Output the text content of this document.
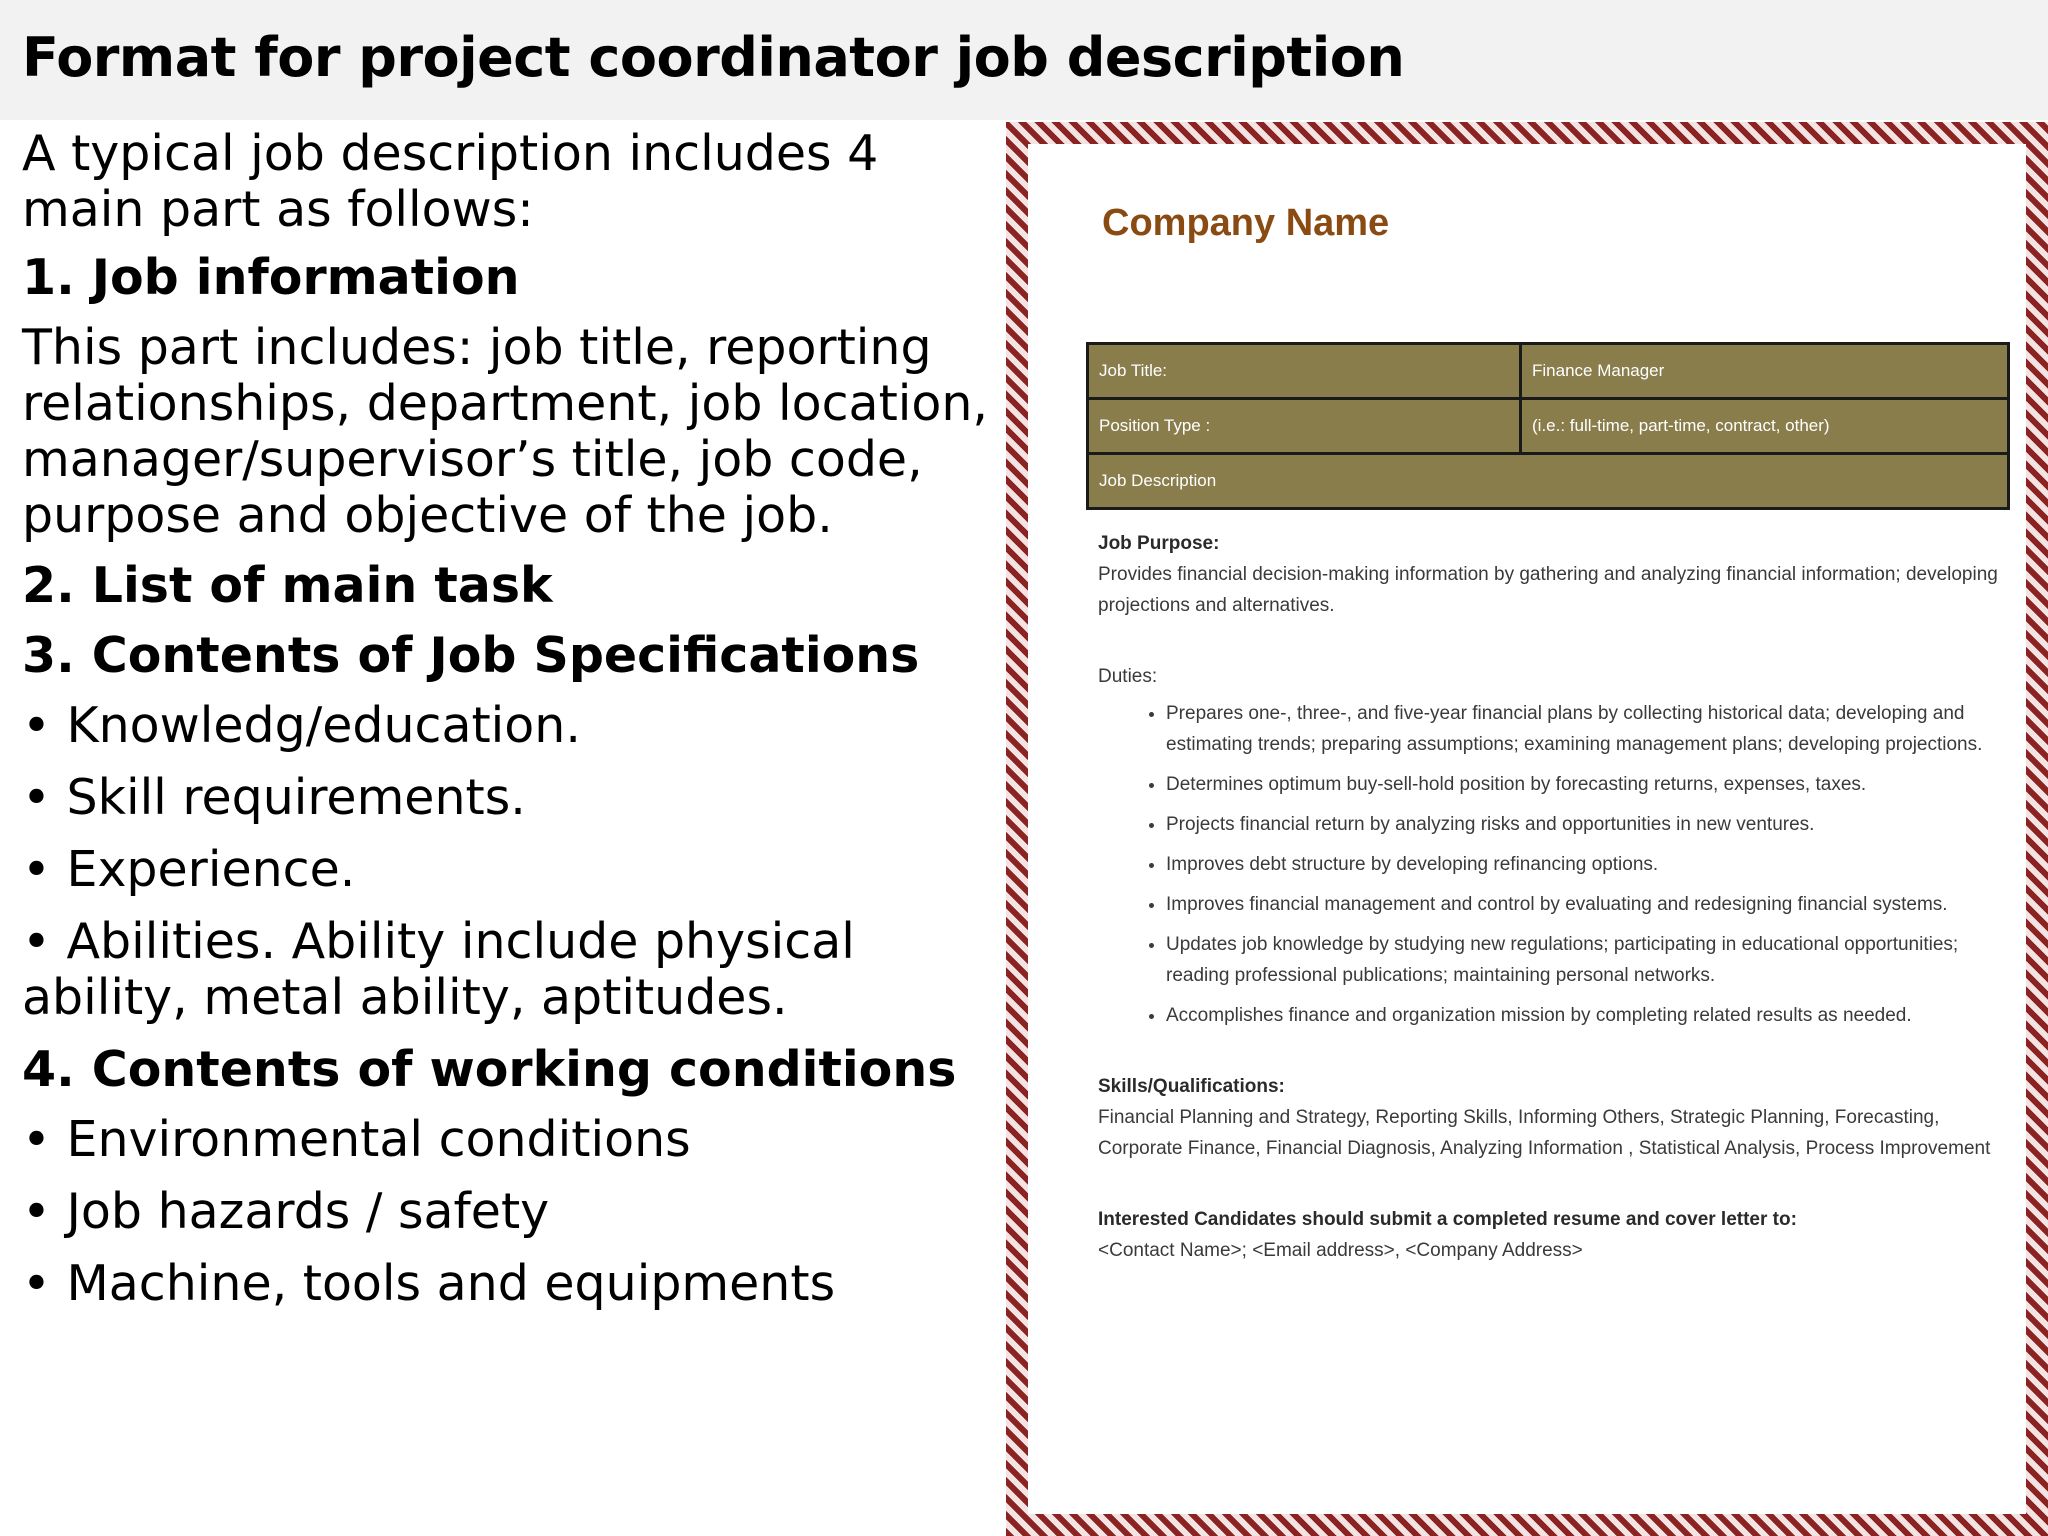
Format for project coordinator job description

A typical job description includes 4 main part as follows:

1. Job information

This part includes: job title, reporting relationships, department, job location, manager/supervisor’s title, job code, purpose and objective of the job.

2. List of main task

3. Contents of Job Specifications

• Knowledg/education.

• Skill requirements.

• Experience.

• Abilities. Ability include physical ability, metal ability, aptitudes.

4. Contents of working conditions

• Environmental conditions

• Job hazards / safety

• Machine, tools and equipments

Company Name
Job Title:	Finance Manager
Position Type :	(i.e.: full-time, part-time, contract, other)
Job Description	

Job Purpose:

Provides financial decision-making information by gathering and analyzing financial information; developing projections and alternatives.

Duties:

• Prepares one-, three-, and five-year financial plans by collecting historical data; developing and estimating trends; preparing assumptions; examining management plans; developing projections.
• Determines optimum buy-sell-hold position by forecasting returns, expenses, taxes.
• Projects financial return by analyzing risks and opportunities in new ventures.
• Improves debt structure by developing refinancing options.
• Improves financial management and control by evaluating and redesigning financial systems.
• Updates job knowledge by studying new regulations; participating in educational opportunities; reading professional publications; maintaining personal networks.
• Accomplishes finance and organization mission by completing related results as needed.

Skills/Qualifications:

Financial Planning and Strategy, Reporting Skills, Informing Others, Strategic Planning, Forecasting, Corporate Finance, Financial Diagnosis, Analyzing Information , Statistical Analysis, Process Improvement

Interested Candidates should submit a completed resume and cover letter to:

<Contact Name>; <Email address>, <Company Address>
